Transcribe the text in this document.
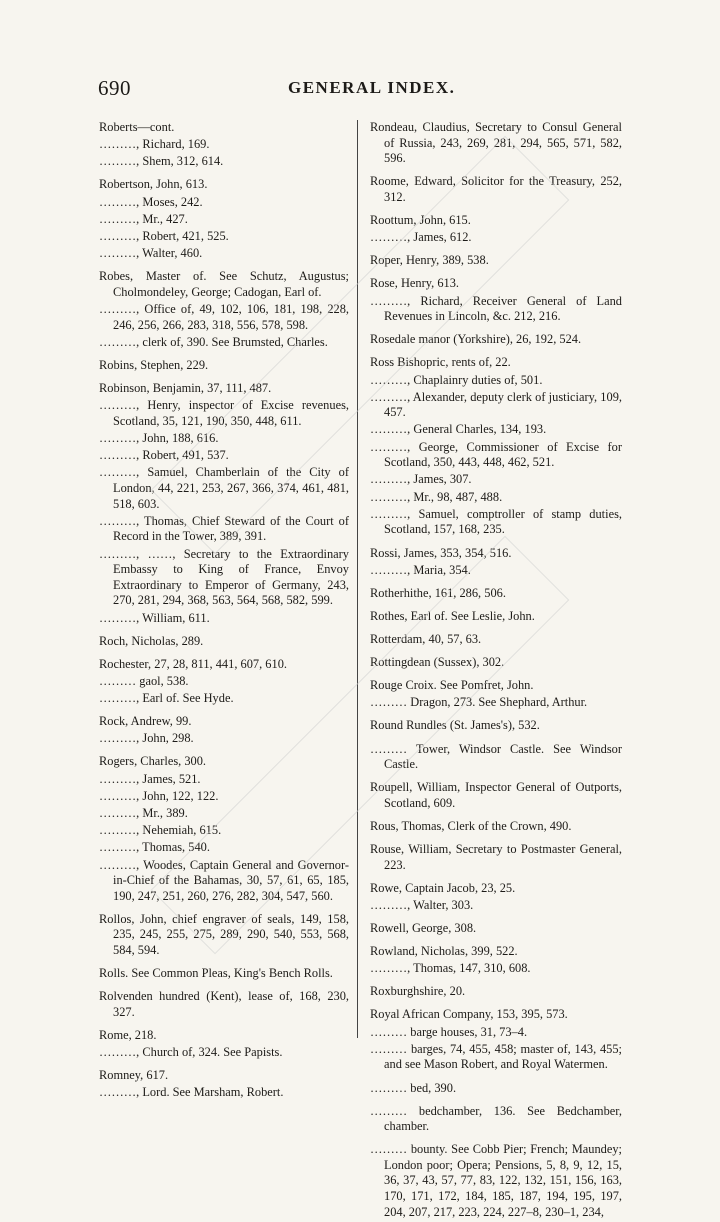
690	GENERAL INDEX.
Roberts—cont.
………, Richard, 169.
………, Shem, 312, 614.
Robertson, John, 613.
………, Moses, 242.
………, Mr., 427.
………, Robert, 421, 525.
………, Walter, 460.
Robes, Master of. See Schutz, Augustus; Cholmondeley, George; Cadogan, Earl of.
………, Office of, 49, 102, 106, 181, 198, 228, 246, 256, 266, 283, 318, 556, 578, 598.
………, clerk of, 390. See Brumsted, Charles.
Robins, Stephen, 229.
Robinson, Benjamin, 37, 111, 487.
………, Henry, inspector of Excise revenues, Scotland, 35, 121, 190, 350, 448, 611.
………, John, 188, 616.
………, Robert, 491, 537.
………, Samuel, Chamberlain of the City of London, 44, 221, 253, 267, 366, 374, 461, 481, 518, 603.
………, Thomas, Chief Steward of the Court of Record in the Tower, 389, 391.
………, ……, Secretary to the Extraordinary Embassy to King of France, Envoy Extraordinary to Emperor of Germany, 243, 270, 281, 294, 368, 563, 564, 568, 582, 599.
………, William, 611.
Roch, Nicholas, 289.
Rochester, 27, 28, 811, 441, 607, 610.
……… gaol, 538.
………, Earl of. See Hyde.
Rock, Andrew, 99.
………, John, 298.
Rogers, Charles, 300.
………, James, 521.
………, John, 122, 122.
………, Mr., 389.
………, Nehemiah, 615.
………, Thomas, 540.
………, Woodes, Captain General and Governor-in-Chief of the Bahamas, 30, 57, 61, 65, 185, 190, 247, 251, 260, 276, 282, 304, 547, 560.
Rollos, John, chief engraver of seals, 149, 158, 235, 245, 255, 275, 289, 290, 540, 553, 568, 584, 594.
Rolls. See Common Pleas, King's Bench Rolls.
Rolvenden hundred (Kent), lease of, 168, 230, 327.
Rome, 218.
………, Church of, 324. See Papists.
Romney, 617.
………, Lord. See Marsham, Robert.
Rondeau, Claudius, Secretary to Consul General of Russia, 243, 269, 281, 294, 565, 571, 582, 596.
Roome, Edward, Solicitor for the Treasury, 252, 312.
Roottum, John, 615.
………, James, 612.
Roper, Henry, 389, 538.
Rose, Henry, 613.
………, Richard, Receiver General of Land Revenues in Lincoln, &c. 212, 216.
Rosedale manor (Yorkshire), 26, 192, 524.
Ross Bishopric, rents of, 22.
………, Chaplainry duties of, 501.
………, Alexander, deputy clerk of justiciary, 109, 457.
………, General Charles, 134, 193.
………, George, Commissioner of Excise for Scotland, 350, 443, 448, 462, 521.
………, James, 307.
………, Mr., 98, 487, 488.
………, Samuel, comptroller of stamp duties, Scotland, 157, 168, 235.
Rossi, James, 353, 354, 516.
………, Maria, 354.
Rotherhithe, 161, 286, 506.
Rothes, Earl of. See Leslie, John.
Rotterdam, 40, 57, 63.
Rottingdean (Sussex), 302.
Rouge Croix. See Pomfret, John.
……… Dragon, 273. See Shephard, Arthur.
Round Rundles (St. James's), 532.
……… Tower, Windsor Castle. See Windsor Castle.
Roupell, William, Inspector General of Outports, Scotland, 609.
Rous, Thomas, Clerk of the Crown, 490.
Rouse, William, Secretary to Postmaster General, 223.
Rowe, Captain Jacob, 23, 25.
………, Walter, 303.
Rowell, George, 308.
Rowland, Nicholas, 399, 522.
………, Thomas, 147, 310, 608.
Roxburghshire, 20.
Royal African Company, 153, 395, 573.
……… barge houses, 31, 73–4.
……… barges, 74, 455, 458; master of, 143, 455; and see Mason Robert, and Royal Watermen.
……… bed, 390.
……… bedchamber, 136. See Bedchamber, chamber.
……… bounty. See Cobb Pier; French; Maundey; London poor; Opera; Pensions, 5, 8, 9, 12, 15, 36, 37, 43, 57, 77, 83, 122, 132, 151, 156, 163, 170, 171, 172, 184, 185, 187, 194, 195, 197, 204, 207, 217, 223, 224, 227–8, 230–1, 234,
